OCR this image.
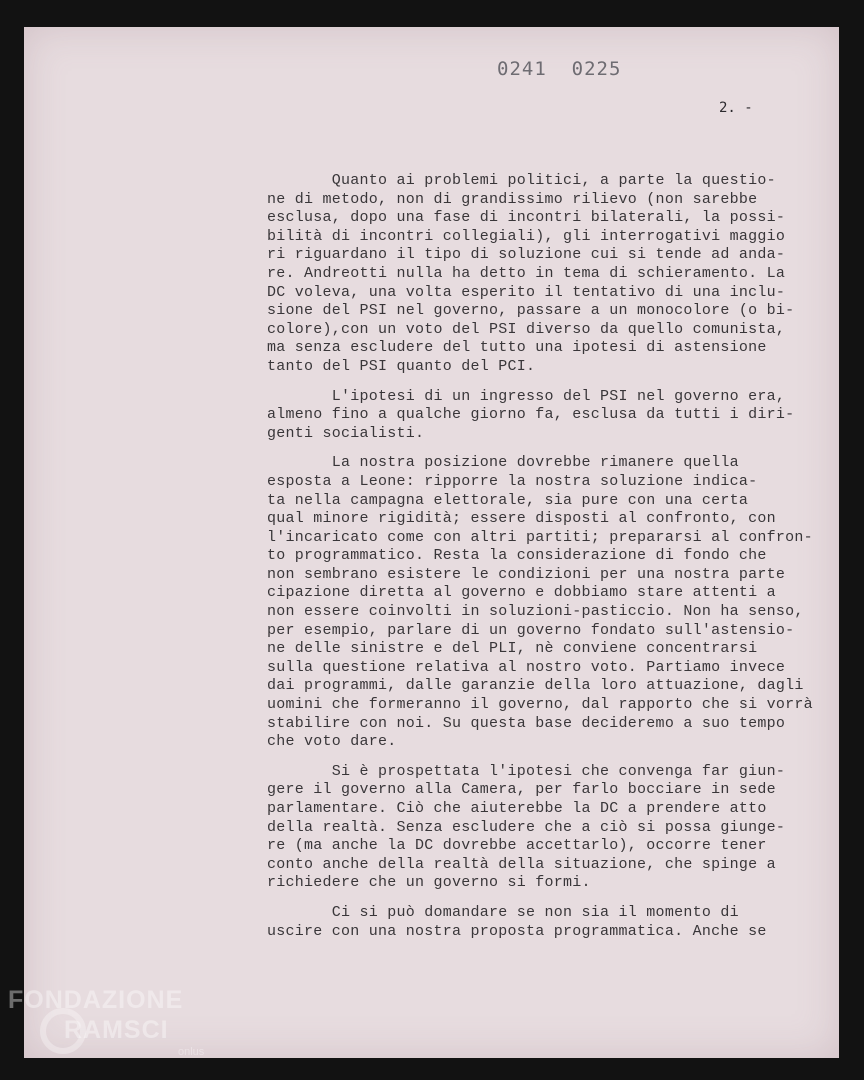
0241  0225
2. -

Quanto ai problemi politici, a parte la questio-
ne di metodo, non di grandissimo rilievo (non sarebbe
esclusa, dopo una fase di incontri bilaterali, la possi-
bilità di incontri collegiali), gli interrogativi maggio
ri riguardano il tipo di soluzione cui si tende ad anda-
re. Andreotti nulla ha detto in tema di schieramento. La
DC voleva, una volta esperito il tentativo di una inclu-
sione del PSI nel governo, passare a un monocolore (o bi-
colore),con un voto del PSI diverso da quello comunista,
ma senza escludere del tutto una ipotesi di astensione
tanto del PSI quanto del PCI.

L'ipotesi di un ingresso del PSI nel governo era,
almeno fino a qualche giorno fa, esclusa da tutti i diri-
genti socialisti.

La nostra posizione dovrebbe rimanere quella
esposta a Leone: ripporre la nostra soluzione indica-
ta nella campagna elettorale, sia pure con una certa
qual minore rigidità; essere disposti al confronto, con
l'incaricato come con altri partiti; prepararsi al confron-
to programmatico. Resta la considerazione di fondo che
non sembrano esistere le condizioni per una nostra parte
cipazione diretta al governo e dobbiamo stare attenti a
non essere coinvolti in soluzioni-pasticcio. Non ha senso,
per esempio, parlare di un governo fondato sull'astensio-
ne delle sinistre e del PLI, nè conviene concentrarsi
sulla questione relativa al nostro voto. Partiamo invece
dai programmi, dalle garanzie della loro attuazione, dagli
uomini che formeranno il governo, dal rapporto che si vorrà
stabilire con noi. Su questa base decideremo a suo tempo
che voto dare.

Si è prospettata l'ipotesi che convenga far giun-
gere il governo alla Camera, per farlo bocciare in sede
parlamentare. Ciò che aiuterebbe la DC a prendere atto
della realtà. Senza escludere che a ciò si possa giunge-
re (ma anche la DC dovrebbe accettarlo), occorre tener
conto anche della realtà della situazione, che spinge a
richiedere che un governo si formi.

Ci si può domandare se non sia il momento di
uscire con una nostra proposta programmatica. Anche se

FONDAZIONE
RAMSCI
onlus
